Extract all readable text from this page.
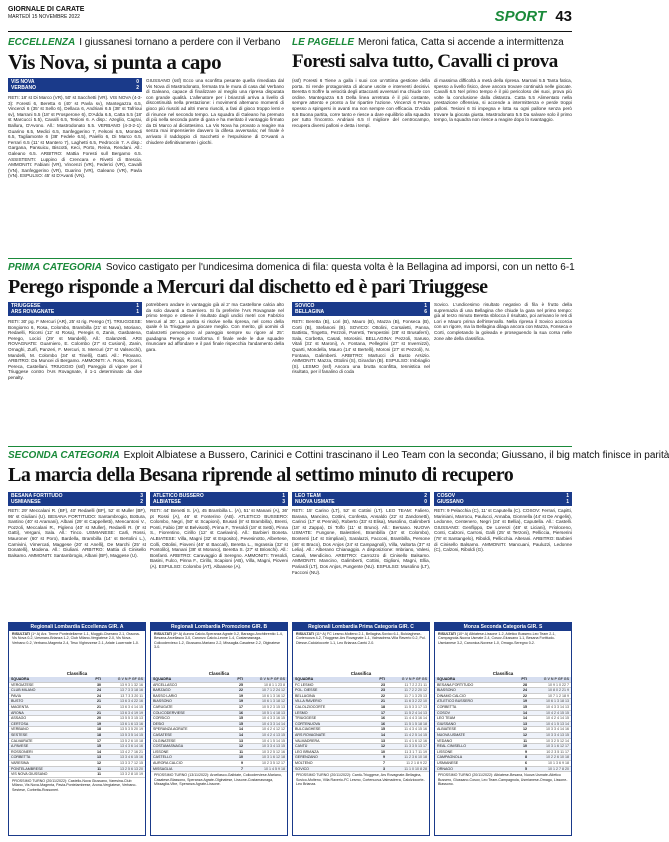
GIORNALE DI CARATE
MARTEDÌ 15 NOVEMBRE 2022	SPORT 43
ECCELLENZA I giussanesi tornano a perdere con il Verbano
Vis Nova, si punta a capo
VIS NOVA	0
VERBANO	2
RETI: 18' st Di Marco (VR), 50' st Sacchetti (VR). VIS NOVA (4-3-3): Foresti 6, Beretta 6 (40' st Pavla sv), Mantegazza 6.5, Vincenzi 6 (35' st Sello 6), Dellaca 6, Andriani 6.5 (38' st Tafrioui sv), Marrani 5.5 (18' st Prosperone 6), D'Adda 6.5, Catta 5.5 (18' st Marcucci 5.5), Cavalli 6.5, Tesioni 6. A disp.: Azeglio, Cagrai, Ballura, D'Avono. All.: Mastrodonato 5.5. VERBANO (4-3-2-1): Guarino 6.5, Medici 6.5, Sanfeggerino 7, Felsoni 6.5, Montedi 6.5, Tagliamonte 6 (38' Fedele 6.5), Paiello 6, Di Marco 6.5, Ferrari 6.5 (11' st Mantero 7), Laghetti 6.5, Pedroccin 7. A disp.: Gargana, Pansuicu, Biscotti, Keci, Porto, Reina, Rendani. All.: Galeano 6.5. ARBITRO: Mattia Foresti sull Bergamo 6.5. ASSISTENTI: Luppino di Crencara e Rivetti di Brescia. AMMONITI: Fabiani (VR), Vincenzi (VR), Federici (VR), Cavalli (VN), Sanfeggerino (VR), Guarino (VR), Galeano (VR), Pavla (VN). ESPULSO: 45' st D'Avanti (VN).
GIUSSANO (ssf) Ecco una sconfitta pesante quella rimediata dal Vis Nova di Mastrodonato, fermata tra le mura di casa dal Verbano di Galeano, capace di finalizzare al meglio una ripresa disputata con grande qualità. L'allenatore per i brianzoli arriva a livello di discontinuità nella prestazione: i movimenti alternano momenti di gioco più riusciti ad altri meno riusciti, a fasi di gioco troppo lenti e di rinunce nel secondo tempo. La squadra di Galeano ha premuto di più nella seconda parte di gara e ha meritato il vantaggio firmato da Di Marco al diciottesimo. La Vis Nova ha provato a reagire ma senza mai impensierire davvero la difesa avversaria; nel finale è arrivato il raddoppio di Sacchetti e l'espulsione di D'Avanti a chiudere definitivamente i giochi.
LE PAGELLE Meroni fatica, Catta si accende a intermittenza
Foresti salva tutto, Cavalli ci prova
(ssf) Foresti 6 Tiene a galla i suoi con un'ottima gestione della porta. Si rende protagonista di alcune uscite e interventi decisivi. Beretta 6 Soffre la velocità degli attaccanti avversari ma chiude con ordine. Mantegazza 6.5 Della linea arretrata è il più costante, sempre attento e pronto a far ripartire l'azione. Vincenzi 6 Prova spesso a spingersi in avanti ma non sempre con efficacia. D'Adda 6.5 Buona partita, corre tanto e riesce a dare equilibrio alla squadra per tutto l'incontro. Andriani 6.5 Il migliore del centrocampo, recupera diversi palloni e detta i tempi.
di massima difficoltà a metà della ripresa. Marrani 5.5 Tanta fatica, spesso a livello fisico, deve ancora trovare continuità nelle giocate. Cavalli 6.5 Nel primo tempo è il più pericoloso dei suoi, prova più volte la conclusione dalla distanza. Catta 5.5 Alimentato nella prestazione offensiva, si accende a intermittenza e perde troppi palloni. Tesioni 6 Si impegna e lotta su ogni pallone senza però trovare la giocata giusta. Mastrodonato 5.5 Da salvare solo il primo tempo, la squadra non riesce a reagire dopo lo svantaggio.
PRIMA CATEGORIA Sovico castigato per l'undicesima domenica di fila: questa volta è la Bellagina ad imporsi, con un netto 6-1
Perego risponde a Mercuri dal dischetto ed è pari Triuggese
TRIUGGESE	1
ARS ROVAGNATE	1
RETI: 30' pg. F Mercuri (AR), 25' st rig. Perego (T). TRIUGGESE: Bongiorno 6, Rosa, Colombo, Brambilla (21' st Nava), Moriano, Redaelli, Ricorsi (12' st Rosa), Peregis 6, Zanin, Gasbatena, Perego, Locici (29' st Mandelli). All.: Galanzetti. ARS ROVAGNATE: Guarniero, E. Colombo (27' st Cusioni), Zanin, Ornaghi, Zurfi, Panzeri, F. Mercuri, S. Mercuri (27' st Valsecchi), Mandelli, M. Colombo (34' st Tinelli), Gatti. All.: Pirovano. ARBITRO: Da Muncei di Bergamo. AMMONITI: A. Rosa, Ricorsi, Pereca, Castellani. TRIUGGIO (ssf) Pareggio di vigore per il Triuggese contro l'Ars Rovagnate, il 1-1 determinato da due penalty.
potrebbero andare in vantaggio già al 2' ma Castellone calcia alto da solo davanti a Guerriero. Si fa preferire l'Ars Rovagnate nel primo tempo e ottiene il risultato dagli undici metri con Fabrizio Mercuri al 30'. La partita si risolve nella ripresa, nel corso della quale è la Triuggese a giocare meglio. Con merito, gli uomini di Galanzetti pervengono al pareggio sempre su rigore al 25': guadagna Perego e trasforma. Il finale vede le due squadre rinunciare ad affondare e il pari finale rispecchia l'andamento della gara.
SOVICO	1
BELLAGINA	6
RETI: Beretta (B), Lori (B), Mauro (B), Mazza (B), Fonseca (B), Corti (B), Stefanoni (B). SOVICO: Ottolini, Corsaletti, Panna, Battistu, Tingetto, Pezzoli, Parretti, Tempestini (28' st Brusaferri), Sala, Corbetta, Casati, Morosini. BELLAGINA: Pezzoli, Saruso, Vitali (31' st Maroni), A. Fontana, Pellegrini (27' st Invernizzi), Quarti, Mondella, Mauro (14' st Bertelli), Moroni (27' st Pezzoli), N. Fontana, Galimberti. ARBITRO: Martucci di Busto Arsizio. AMMONITI: Mazza, Ottolini (S), Girardon (B). ESPULSO: Imbriaglio (S). LESMO (ssf) Ancora una brutta sconfitta, tennistica nel risultato, per il fanalino di coda
Sovico. L'undicesimo risultato negativo di fila è frutto della supremazia di una Bellagina che chiude la gara nel primo tempo: già al terzo minuto Beretta sblocca il risultato, poi arrivano le reti di Lori e Mauro prima dell'intervallo. Nella ripresa il Sovico accorcia con un rigore, ma la Bellagina dilaga ancora con Mazza, Fonseca e Corti, completando la goleada e proseguendo la sua corsa nelle zone alte della classifica.
SECONDA CATEGORIA Exploit Albiatese a Bussero, Carinici e Cottini trascinano il Leo Team con la seconda; Giussano, il big match finisce in parità
La marcia della Besana riprende al settimo minuto di recupero
BESANA FORTITUDO	3
USMIANESE	2
RETI: 29' Meccalani R. (BF), 40' Redaelli (BF), 52' st Muller (BF), 95' st Giuliani (U). BESANA FORTITUDO: Santambrogio, Bottura, Santino (40' st Aramani), Albani (29' st Cappelletti), Mencantoni V., Pozzoli, Meccalani R., Pigleno (40' st Muller), Redaelli R. (8' st Gatti), Vergani, Sala. All.: Tinco. USMIANESE: Carli, Rossi, Mauroner (60' st Poro), Bardella, Brambilla (14' st Bertolini L.), Carnivini, Vimercati, Maggese (20' st Anelli), De Marchi (25' st Donatelli), Modena. All.: Giuliani. ARBITRO: Mattia di Cinisello Balsamo. AMMONITI: Santambrogio, Albani (BF), Maggese (U).
ATLETICO BUSSERO	1
ALBIATESE	3
RETI: 44' Benetti S. (A), 45 Brambilla L. (A), 51' st Manani (A), 36' pt Rossi (A), 46' st Fonterino (AB). ATLETICO BUSSERO: Colombo, Negri, (50' st Scapioni), Brusati (8' st Brambilla), Brenti, Ponti, Fabio (39' st Belvisotti), Prima F., Tresoldi (18' st Setti), Pinna S., Fiorentino, Cirillo (12' st Caelavini). All.: Barbieri Boneta. ALBIATESE: Villa, Magni (32' st Esposito), Pevesinotto, Albertese, Colli, Ottolini, Pioveni (46' st Baccali), Beretta L., Ingrassia (32' st Pontolilo), Manani (38' st Morano), Beretta S. (27' st Brioschi). All.: Bonfanti. ARBITRO: Caravaggio di Seregno. AMMONITI: Tresoldi, Basini, Fulco, Pinna F., Cirillo, Scapioni (AB), Villa, Magni, Pioveni (A). ESPULSO: Colombo (AT), Albanese (A).
LEO TEAM	2
NUOVA USMATE	0
RETI: 15' Carino (LT), 52' st Cottini (LT). LEO TEAM: Faliero, Barana, Mancino, Cottini, Confesta, Ansaldo (22' st Zandonetti), Carinci (17' st Pennisi), Roberto (33' st Elisa), Musolino, Galimberti (18' st Zappa), Di Tolfo (11' st Bruno). All.: Bersano. NUOVA USMATE: Fungone, Balestrieri, Brambilla (34' st Colombo), Bontenti (14' st Simpliani), Saralazzi, Facconi, Brambilla, Persone (46' st Braco), Dos Anjos (24' st Campagnoli), Villa, Valtorta (37' st Lelia). All.: Alberano Chianaggio. A disposizione: Imbriano, Valesi, Canali, Mendicino. ARBITRO: Carrozzo di Cinisello Balsamo. AMMONITI: Mancino, Galimberti, Cottini, Giglioni, Magni, Ellia, Pariardi (LT), Dos Anjos, Pungente (NU). ESPULSO: Musolino (LT), Facconi (NU).
COSOV	1
GIUSSANO	1
RETI: 9 Pelacchia (C), 11' st Caputella (C). COSOV: Ferrari, Capitti, Mariniani, Marrocu, Paulucci, Annaba, Gionnella (44' st De Angelis), Ledonne, Centenero, Negri (24' st Bellia), Caputella. All.: Castelli. GIUSSANO: Genflippo, De Lorenzi (48' st Liciani), Frioloceno, Conti, Calzoni, Carroni, Galli (25' st Terzoni), Pelliccia, Pierserini (78' st Santangelo), Riboldi, Pellicchia. Alterani. ARBITRO: Barbieri di Cinisello Balsamo. AMMONITI: Mancuani, Pauluzzi, Ledonne (C), Calzoni, Riboldi (G).
Regionali Lombardia Eccellenza GIR. A
RISULTATI (1^ A) Arz. Terme Pontedellarme 1-1, Muggiò-Ciserano 2-1, Ossona-Vis Nova 0-2, Uesmaro-Brianza 1-2, Club Milano-Vergiatese 2-0, Vis Nova-Verbano 0-2, Verbano-Magenta 2-4, Teso Vighezzese 2-1, Arlate Lucernate 1-0.
Classifica
SQUADRA	PTI	G V N P GF GS
VERGIATESE	30	13 9 3 1 32 16
CLUB MILANO	24	13 7 3 3 18 16
PAVIA	24	13 7 3 3 20 11
BUSTO	21	13 6 3 4 22 16
MAGENTA	21	13 6 3 4 14 15
ARONA	21	13 6 3 4 19 19
ASSAGO	20	13 5 5 3 15 13
CERTOSA	19	13 6 1 6 13 16
VERBANO	18	13 5 3 5 20 19
SESTESE	18	13 5 3 5 14 15
CALVAIRATE	17	13 5 2 6 10 18
A.PAVESE	15	13 4 3 6 14 16
ROSSONERI	14	13 4 2 7 16 21
CORBETTA	13	13 3 4 6 15 16
VARESINA	12	13 3 3 7 12 15
PONTELAMBRESE	11	13 2 5 6 13 20
VIS NOVA GIUSSANO	11	13 3 2 8 10 19
PROSSIMO TURNO (20/11/2022): Castello-Nova Giussano, Varesina-Club Milano, Vis Nova-Magenta, Pavia-Pontelambrese, Arona-Vergiatese, Verbano-Sestese, Corbetta-Rossoneri.
Regionali Lombardia Promozione GIR. B
RISULTATI (8^ A) Aurora Calcio-Speranza Agrate 0-2, Barzago-Anchibrentio 1-4, Besana-Arcellasco 3-0, Caronzo Calcio-Leone 1-4, Costamasnaga-Colicodervieso 1-2, Giussano-Mariano 2-2, Missaglia-Casatese 2-2, Olginatese 3-0.
Classifica
SQUADRA	PTI	G V N P GF GS
ARCELLASCO	25	10 8 1 1 23 8
BARZAGO	22	10 7 1 2 24 12
BASSO LARIO	19	10 6 1 3 16 12
BIASSONO	19	10 6 1 3 18 12
CARUGATE	17	10 5 2 3 15 13
COLICODERVIESE	16	10 5 1 4 18 13
CORSICO	15	10 4 3 3 16 15
DESIO	15	10 4 3 3 14 14
SPERANZA AGRATE	14	10 4 2 4 12 12
CASATESE	14	10 4 2 4 13 15
OLGINATESE	13	10 4 1 5 14 15
COSTAMASNAGA	12	10 3 3 4 13 15
LISSONE	11	10 3 2 5 12 16
CASTELLO	10	10 3 1 6 12 18
AURORA CALCIO	9	10 2 3 5 12 17
MISSAGLIA	7	10 1 4 5 9 18
PROSSIMO TURNO (13/11/2022): Arcellasco-Galbiate, Colicoderviese-Mariano, Casatese-Biassono, Speranza Agrate-Olginatese, Lissone-Costamasnaga, Missaglia-Vibe, Speranza Agrate-Lissone.
Regionali Lombardia Prima Categoria GIR. C
RISULTATI (11^ A) FC Lesmo-Molteno 2-1, Bellagina-Sovico 6-1, Bulciaghese-Cortenuova 4-2, Triuggese-Ars Rovagnate 1-1, Valmadrera-Villa Raverio 0-2, Pol. Diesse-Calolziocorte 1-1, Leo Brianza-Cantù 2-0.
Classifica
SQUADRA	PTI	G V N P GF GS
FC LESMO	23	11 7 2 2 21 11
POL. DIESSE	23	11 7 2 2 20 12
BELLAGINA	22	11 7 1 3 25 13
VILLA RAVERIO	21	11 6 3 2 22 10
CALOLZIOCORTE	18	11 5 3 3 17 13
LESMO	17	11 5 2 4 14 13
TRIUGGESE	16	11 4 4 3 16 14
CORTENUOVA	16	11 5 1 5 18 18
BULCIAGHESE	15	11 4 3 4 15 16
ARS ROVAGNATE	14	11 4 2 5 14 15
VALMADRERA	13	11 4 1 6 12 16
CANTÙ	12	11 3 3 5 13 17
LEO BRIANZA	10	11 3 1 7 11 19
GERENZANO	9	11 2 3 6 10 18
MOLTENO	7	11 2 1 8 9 22
SOVICO	3	11 1 0 10 8 28
PROSSIMO TURNO (20/11/2022): Cantù-Triuggese, Ars Rovagnate-Bellagina, Sovico-Molteno, Villa Raverio-FC Lesmo, Cortenuova-Valmadrera, Calolziocorte-Leo Brianza.
Monza Seconda Categoria GIR. S
RISULTATI (10^ A) Albiatese-Lissone 1-2, Atletico Bussero-Leo Team 2-1, Campagnola-Nuova Usmate 2-4, Cosov-Giussano 1-1, Besana Fortitudo-Usmianese 3-2, Canonica-Novese 1-0, Ornago-Seregno 0-2.
Classifica
SQUADRA	PTI	G V N P GF GS
BESANA FORTITUDO	28	10 9 1 0 22 7
BIASSONO	24	10 8 0 2 21 9
DINAMO CALCIO	22	10 7 1 2 18 9
ATLETICO BUSSERO	19	10 6 1 3 18 13
CORBETTA	15	10 4 3 3 14 13
COSOV	14	10 4 2 4 15 15
LEO TEAM	14	10 4 2 4 14 15
GIUSSANO	13	10 4 1 5 13 14
ALBIATESE	12	10 3 3 4 14 16
NUOVA USMATE	12	10 3 3 4 13 15
VEDANO	11	10 3 2 5 12 14
REAL CINISELLO	10	10 3 1 6 12 17
LISSONE	9	10 2 3 5 11 17
CAMPAGNOLA	8	10 2 2 6 10 18
USMIANESE	6	10 1 3 6 9 18
ORNAGO	5	10 1 2 7 8 20
PROSSIMO TURNO (20/11/2022): Albiatese-Besana, Nuova Usmate-Atletico Bussero, Giussano-Cosov, Leo Team-Campagnola, Usmianese-Ornago, Lissone-Biassono.
